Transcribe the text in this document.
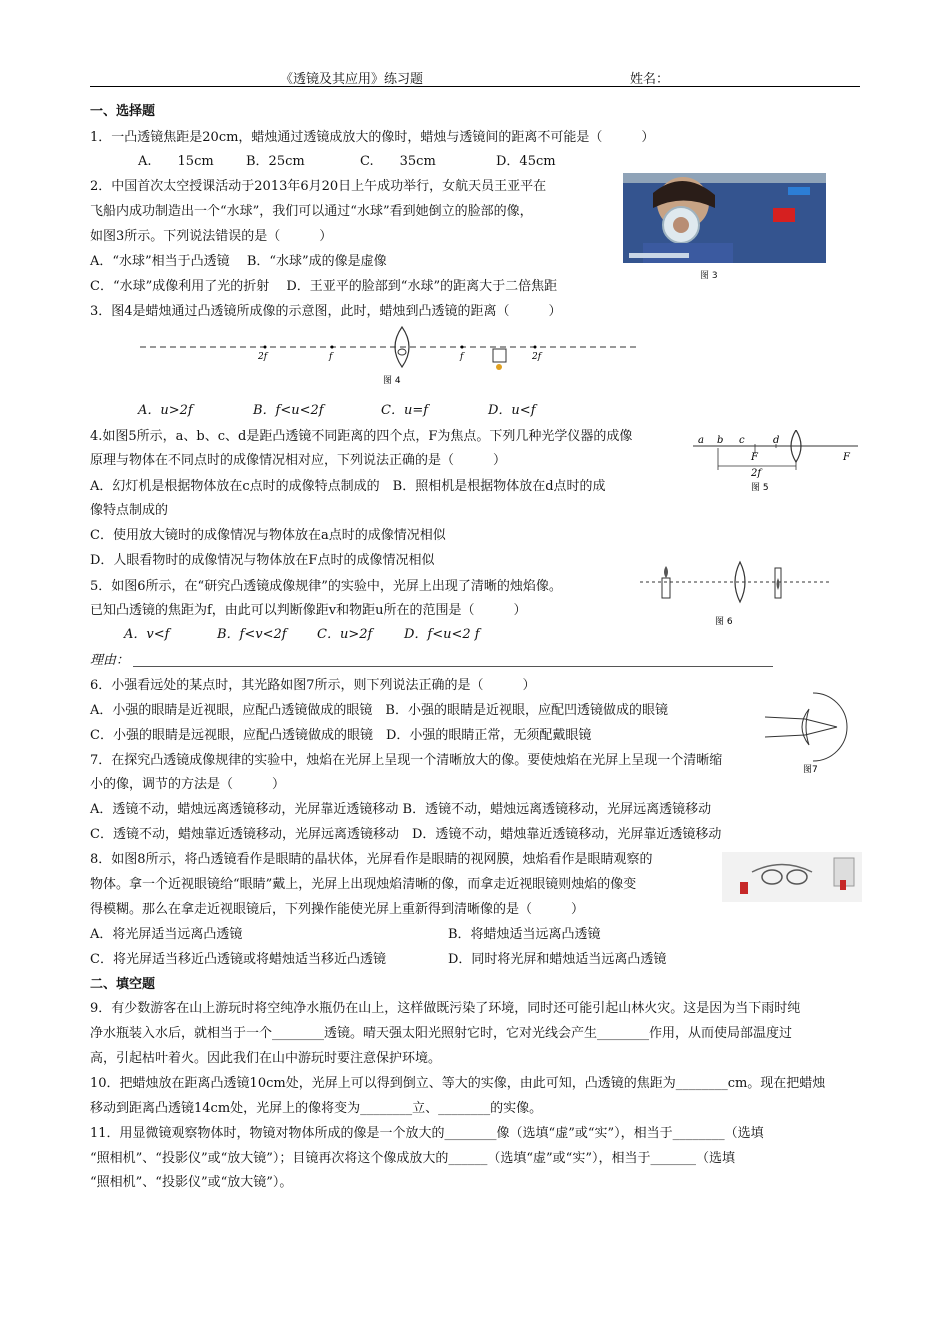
《透镜及其应用》练习题	姓名：
一、选择题
1．一凸透镜焦距是20cm，蜡烛通过透镜成放大的像时，蜡烛与透镜间的距离不可能是（　　　）
A.　　15cm B．25cm	C.　　35cm	D．45cm
2．中国首次太空授课活动于2013年6月20日上午成功举行，女航天员王亚平在
飞船内成功制造出一个“水球”，我们可以通过“水球”看到她倒立的脸部的像，
如图3所示。下列说法错误的是（　　　）
A．“水球”相当于凸透镜　 B．“水球”成的像是虚像
C．“水球”成像利用了光的折射　 D．王亚平的脸部到“水球”的距离大于二倍焦距
图 3
3．图4是蜡烛通过凸透镜所成像的示意图，此时，蜡烛到凸透镜的距离（　　　）
2f	f	f	2f
图 4
A．u>2f	B．f<u<2f	C．u=f	D．u<f
4.如图5所示，a、b、c、d是距凸透镜不同距离的四个点，F为焦点。下列几种光学仪器的成像
原理与物体在不同点时的成像情况相对应，下列说法正确的是（　　　）
A．幻灯机是根据物体放在c点时的成像特点制成的　B．照相机是根据物体放在d点时的成
像特点制成的
C．使用放大镜时的成像情况与物体放在a点时的成像情况相似
D．人眼看物时的成像情况与物体放在F点时的成像情况相似
a b c	d
F	F
2f
图 5
5．如图6所示，在“研究凸透镜成像规律”的实验中，光屏上出现了清晰的烛焰像。
已知凸透镜的焦距为f，由此可以判断像距v和物距u所在的范围是（　　　）
A．v<f	B．f<v<2f C．u>2f D．f<u<2 f
理由：
图 6
6．小强看远处的某点时，其光路如图7所示，则下列说法正确的是（　　　）
A．小强的眼睛是近视眼，应配凸透镜做成的眼镜　B．小强的眼睛是近视眼，应配凹透镜做成的眼镜
C．小强的眼睛是远视眼，应配凸透镜做成的眼镜　D．小强的眼睛正常，无须配戴眼镜
图7
7．在探究凸透镜成像规律的实验中，烛焰在光屏上呈现一个清晰放大的像。要使烛焰在光屏上呈现一个清晰缩
小的像，调节的方法是（　　　）
A．透镜不动，蜡烛远离透镜移动，光屏靠近透镜移动 B．透镜不动，蜡烛远离透镜移动，光屏远离透镜移动
C．透镜不动，蜡烛靠近透镜移动，光屏远离透镜移动　D．透镜不动，蜡烛靠近透镜移动，光屏靠近透镜移动
8．如图8所示，将凸透镜看作是眼睛的晶状体，光屏看作是眼睛的视网膜，烛焰看作是眼睛观察的
物体。拿一个近视眼镜给“眼睛”戴上，光屏上出现烛焰清晰的像，而拿走近视眼镜则烛焰的像变
得模糊。那么在拿走近视眼镜后，下列操作能使光屏上重新得到清晰像的是（　　　）
A．将光屏适当远离凸透镜	B．将蜡烛适当远离凸透镜
C．将光屏适当移近凸透镜或将蜡烛适当移近凸透镜	D．同时将光屏和蜡烛适当远离凸透镜
二、填空题
9．有少数游客在山上游玩时将空纯净水瓶仍在山上，这样做既污染了环境，同时还可能引起山林火灾。这是因为当下雨时纯
净水瓶装入水后，就相当于一个________透镜。晴天强太阳光照射它时，它对光线会产生________作用，从而使局部温度过
高，引起枯叶着火。因此我们在山中游玩时要注意保护环境。
10．把蜡烛放在距离凸透镜10cm处，光屏上可以得到倒立、等大的实像，由此可知，凸透镜的焦距为________cm。现在把蜡烛
移动到距离凸透镜14cm处，光屏上的像将变为________立、________的实像。
11．用显微镜观察物体时，物镜对物体所成的像是一个放大的________像（选填“虚”或“实”），相当于________（选填
“照相机”、“投影仪”或“放大镜”）；目镜再次将这个像成放大的______（选填“虚”或“实”），相当于_______（选填
“照相机”、“投影仪”或“放大镜”）。
